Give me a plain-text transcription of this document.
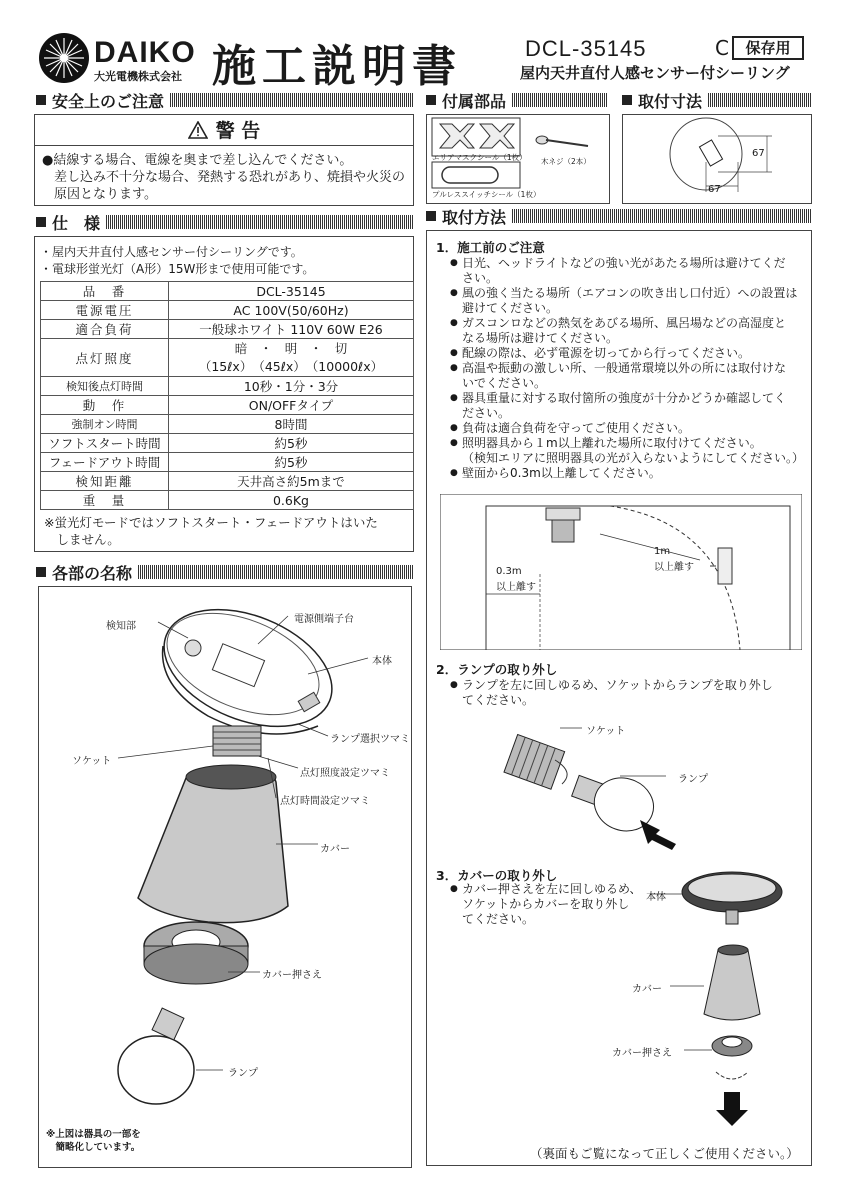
DAIKO
大光電機株式会社 施工説明書	DCL-35145	C	保存用
屋内天井直付人感センサー付シーリング
安全上のご注意
警 告
●結線する場合、電線を奥まで差し込んでください。
差し込み不十分な場合、発熱する恐れがあり、焼損や火災の
原因となります。
仕　様
・屋内天井直付人感センサー付シーリングです。
・電球形蛍光灯（A形）15W形まで使用可能です。
品　番	DCL-35145
電源電圧	AC 100V(50/60Hz)
適合負荷	一般球ホワイト 110V 60W E26
点灯照度	暗　・　明　・　切
（15ℓx）　（45ℓx）　（10000ℓx）

検知後点灯時間	10秒・1分・3分
動　作	ON/OFFタイプ
強制オン時間	8時間
ソフトスタート時間	約5秒
フェードアウト時間	約5秒
検知距離	天井高さ約5mまで
重　量	0.6Kg
※蛍光灯モードではソフトスタート・フェードアウトはいた
　しません。
各部の名称
検知部
電源側端子台
本体
ランプ選択ツマミ
ソケット
点灯照度設定ツマミ
点灯時間設定ツマミ
カバー
カバー押さえ
ランプ
※上図は器具の一部を
　簡略化しています。
付属部品
エリアマスクシール（1枚） 木ネジ（2本）
プルレススイッチシール（1枚）
取付寸法
67
67
取付方法
1．施工前のご注意
● 日光、ヘッドライトなどの強い光があたる場所は避けてくだ
さい。
● 風の強く当たる場所（エアコンの吹き出し口付近）への設置は
避けてください。
● ガスコンロなどの熱気をあびる場所、風呂場などの高湿度と
なる場所は避けてください。
● 配線の際は、必ず電源を切ってから行ってください。
● 高温や振動の激しい所、一般通常環境以外の所には取付けな
いでください。
● 器具重量に対する取付箇所の強度が十分かどうか確認してく
ださい。
● 負荷は適合負荷を守ってご使用ください。
● 照明器具から１m以上離れた場所に取付けてください。
（検知エリアに照明器具の光が入らないようにしてください。）
● 壁面から0.3m以上離してください。
1m
以上離す
0.3m
以上離す
2．ランプの取り外し
● ランプを左に回しゆるめ、ソケットからランプを取り外し
てください。
ソケット
ランプ
3．カバーの取り外し
● カバー押さえを左に回しゆるめ、
ソケットからカバーを取り外し
てください。
本体
カバー
カバー押さえ
（裏面もご覧になって正しくご使用ください。）
